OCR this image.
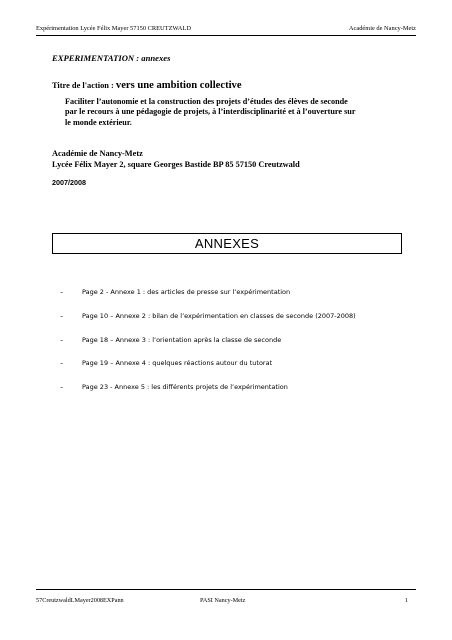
Expérimentation Lycée Félix Mayer 57150 CREUTZWALD	Académie de Nancy-Metz
EXPERIMENTATION : annexes
Titre de l'action : vers une ambition collective
Faciliter l’autonomie et la construction des projets d’études des élèves de seconde
par le recours à une pédagogie de projets, à l’interdisciplinarité et à l’ouverture sur
le monde extérieur.
Académie de Nancy-Metz
Lycée Félix Mayer 2, square Georges Bastide BP 85 57150 Creutzwald
2007/2008
ANNEXES
–	Page 2 - Annexe 1 : des articles de presse sur l’expérimentation
–	Page 10 – Annexe 2 : bilan de l’expérimentation en classes de seconde (2007-2008)
–	Page 18 – Annexe 3 : l’orientation après la classe de seconde
–	Page 19 – Annexe 4 : quelques réactions autour du tutorat
–	Page 23 - Annexe 5 : les différents projets de l’expérimentation
57CreutzwaldLMayer2008EXPann	PASI Nancy-Metz	1
